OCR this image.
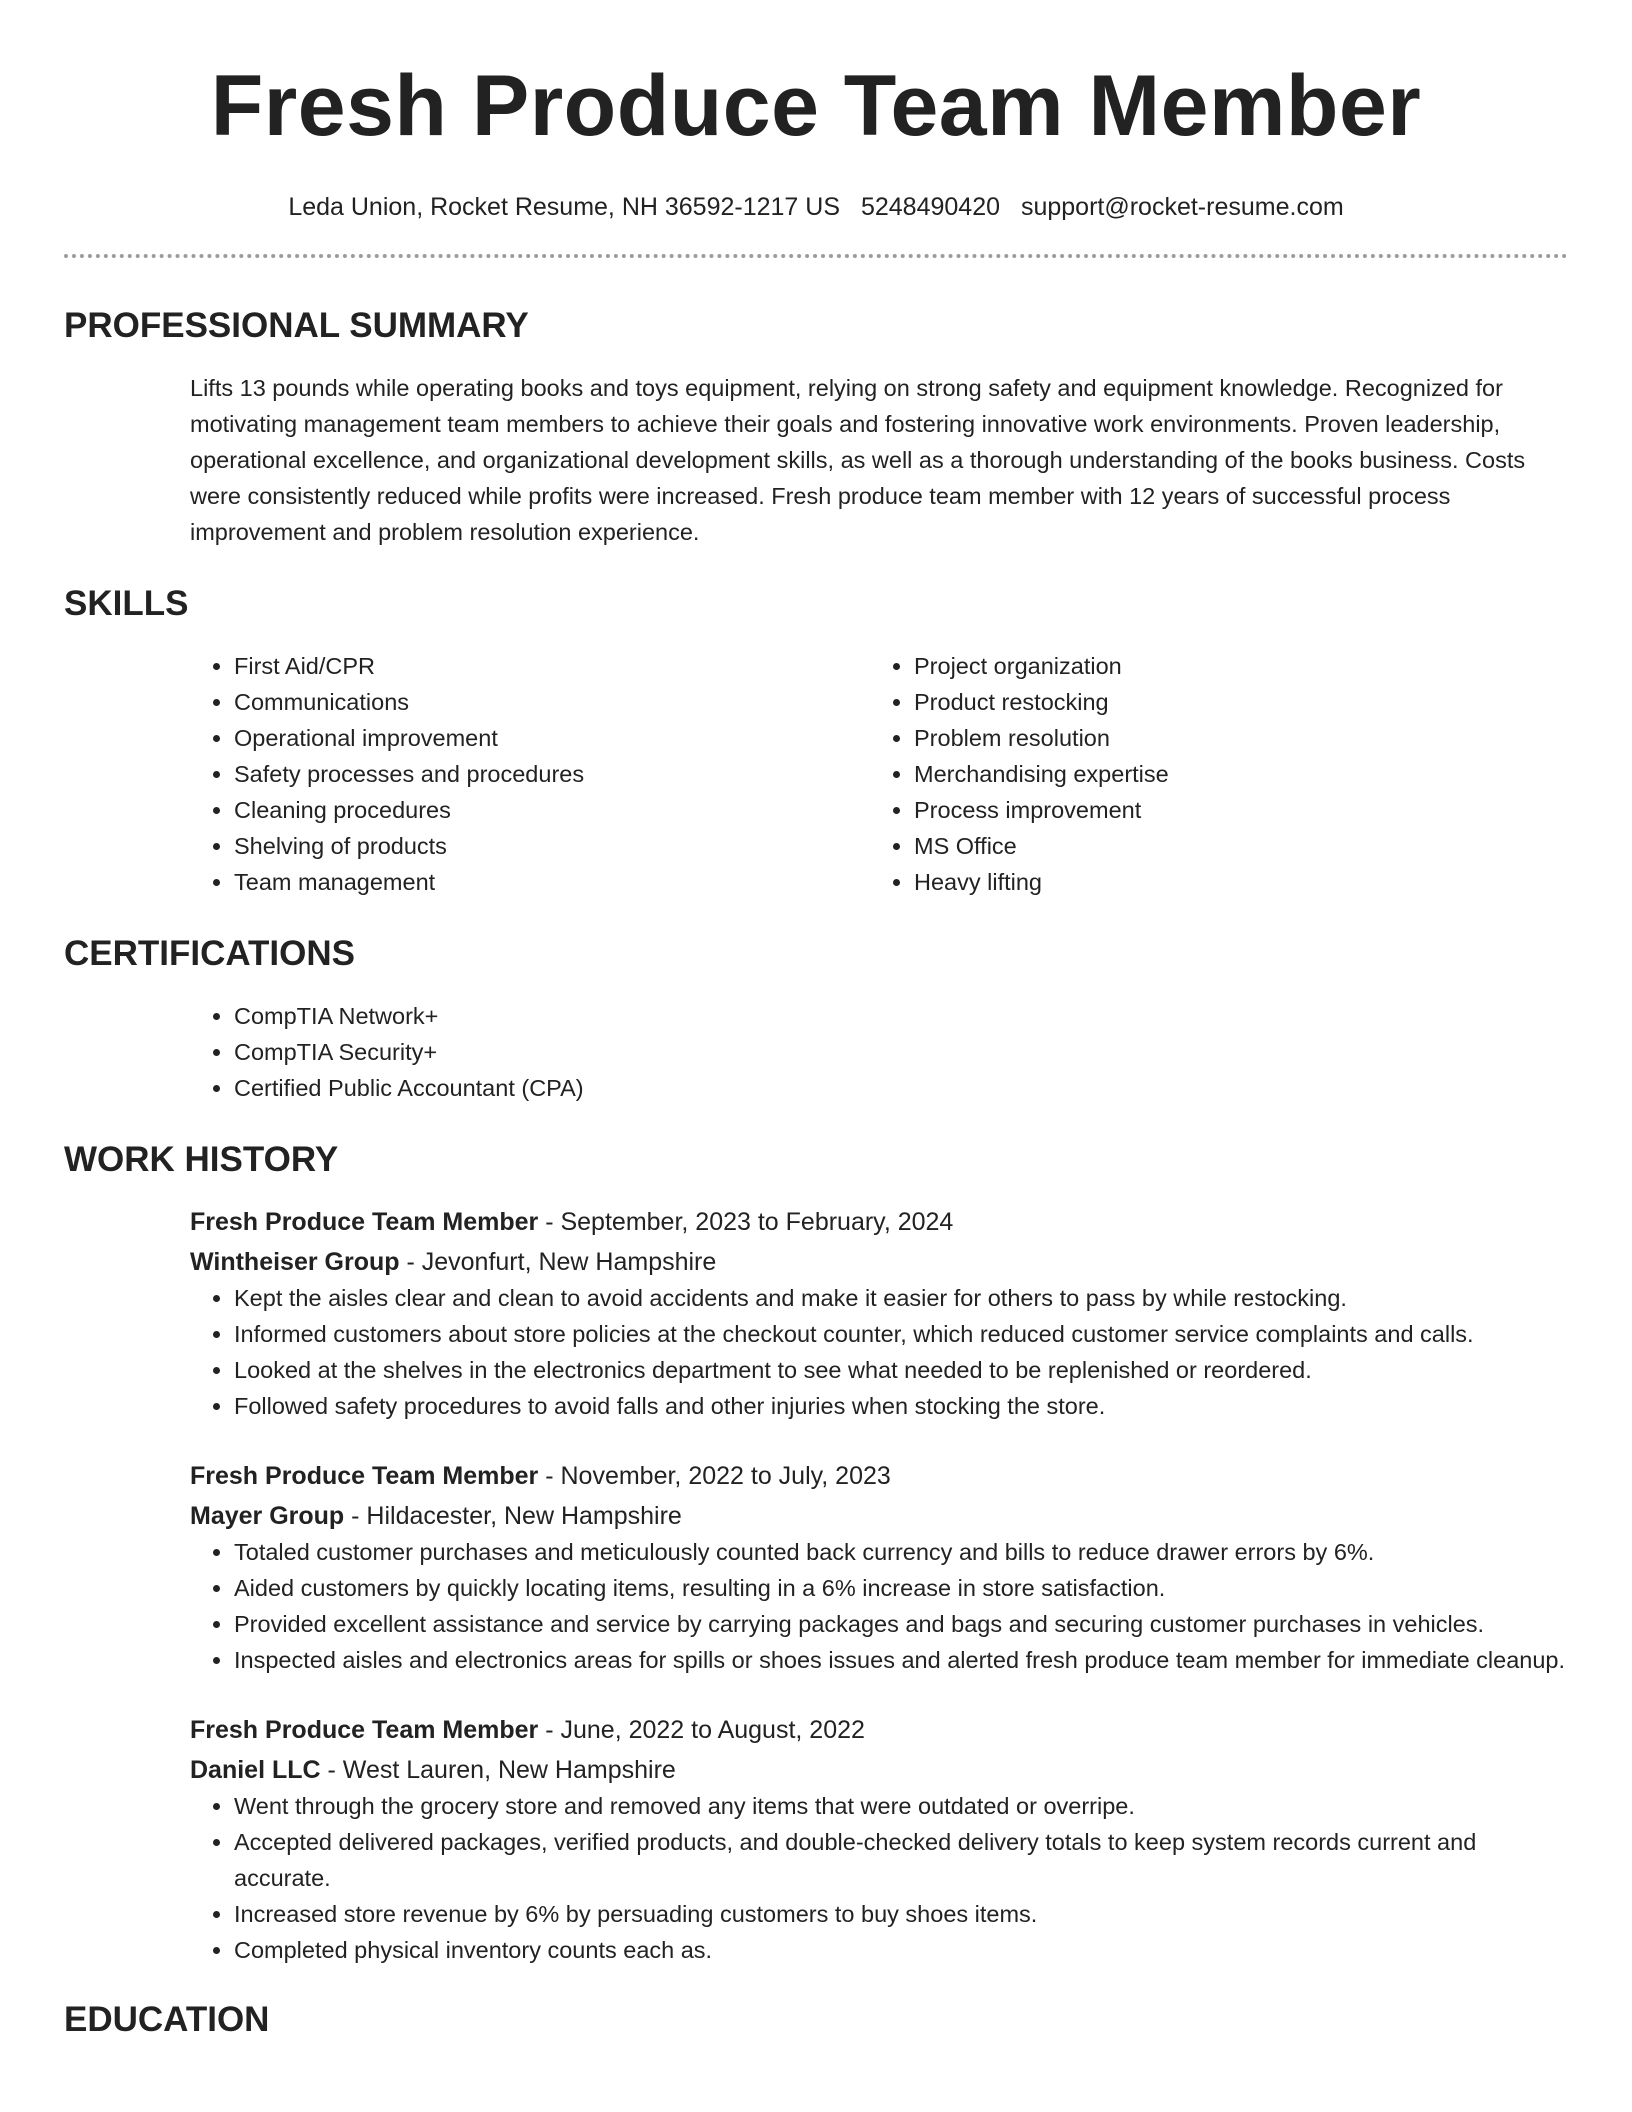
Fresh Produce Team Member
Leda Union, Rocket Resume, NH 36592-1217 US 5248490420 support@rocket-resume.com
PROFESSIONAL SUMMARY

Lifts 13 pounds while operating books and toys equipment, relying on strong safety and equipment knowledge. Recognized for motivating management team members to achieve their goals and fostering innovative work environments. Proven leadership, operational excellence, and organizational development skills, as well as a thorough understanding of the books business. Costs were consistently reduced while profits were increased. Fresh produce team member with 12 years of successful process improvement and problem resolution experience.

SKILLS
• First Aid/CPR
• Communications
• Operational improvement
• Safety processes and procedures
• Cleaning procedures
• Shelving of products
• Team management
• Project organization
• Product restocking
• Problem resolution
• Merchandising expertise
• Process improvement
• MS Office
• Heavy lifting
CERTIFICATIONS
• CompTIA Network+
• CompTIA Security+
• Certified Public Accountant (CPA)
WORK HISTORY
Fresh Produce Team Member - September, 2023 to February, 2024
Wintheiser Group - Jevonfurt, New Hampshire
• Kept the aisles clear and clean to avoid accidents and make it easier for others to pass by while restocking.
• Informed customers about store policies at the checkout counter, which reduced customer service complaints and calls.
• Looked at the shelves in the electronics department to see what needed to be replenished or reordered.
• Followed safety procedures to avoid falls and other injuries when stocking the store.
Fresh Produce Team Member - November, 2022 to July, 2023
Mayer Group - Hildacester, New Hampshire
• Totaled customer purchases and meticulously counted back currency and bills to reduce drawer errors by 6%.
• Aided customers by quickly locating items, resulting in a 6% increase in store satisfaction.
• Provided excellent assistance and service by carrying packages and bags and securing customer purchases in vehicles.
• Inspected aisles and electronics areas for spills or shoes issues and alerted fresh produce team member for immediate cleanup.
Fresh Produce Team Member - June, 2022 to August, 2022
Daniel LLC - West Lauren, New Hampshire
• Went through the grocery store and removed any items that were outdated or overripe.
• Accepted delivered packages, verified products, and double-checked delivery totals to keep system records current and accurate.
• Increased store revenue by 6% by persuading customers to buy shoes items.
• Completed physical inventory counts each as.
EDUCATION
